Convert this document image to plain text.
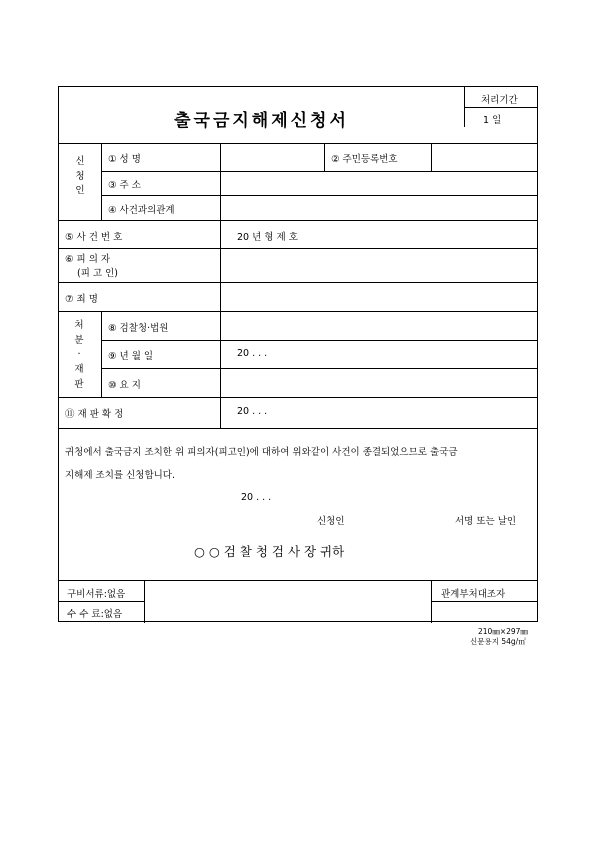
출국금지해제신청서
처리기간
1 일
신 청 인
① 성 명	② 주민등록번호
③ 주 소
④ 사건과의관계
⑤ 사 건 번 호	20 년 형 제 호
⑥ 피 의 자
(피 고 인)
⑦ 죄 명
처 분 · 재 판
⑧ 검찰청·법원
⑨ 년 월 일	20 . . .
⑩ 요 지
⑪ 재 판 확 정	20 . . .
귀청에서 출국금지 조치한 위 피의자(피고인)에 대하여 위와같이 사건이 종결되었으므로 출국금
지해제 조치를 신청합니다.
20 . . .
신청인	서명 또는 날인
○ ○ 검 찰 청 검 사 장 귀하
구비서류:없음
수 수 료:없음
관계부처대조자
210㎜×297㎜
신문용지 54g/㎡
